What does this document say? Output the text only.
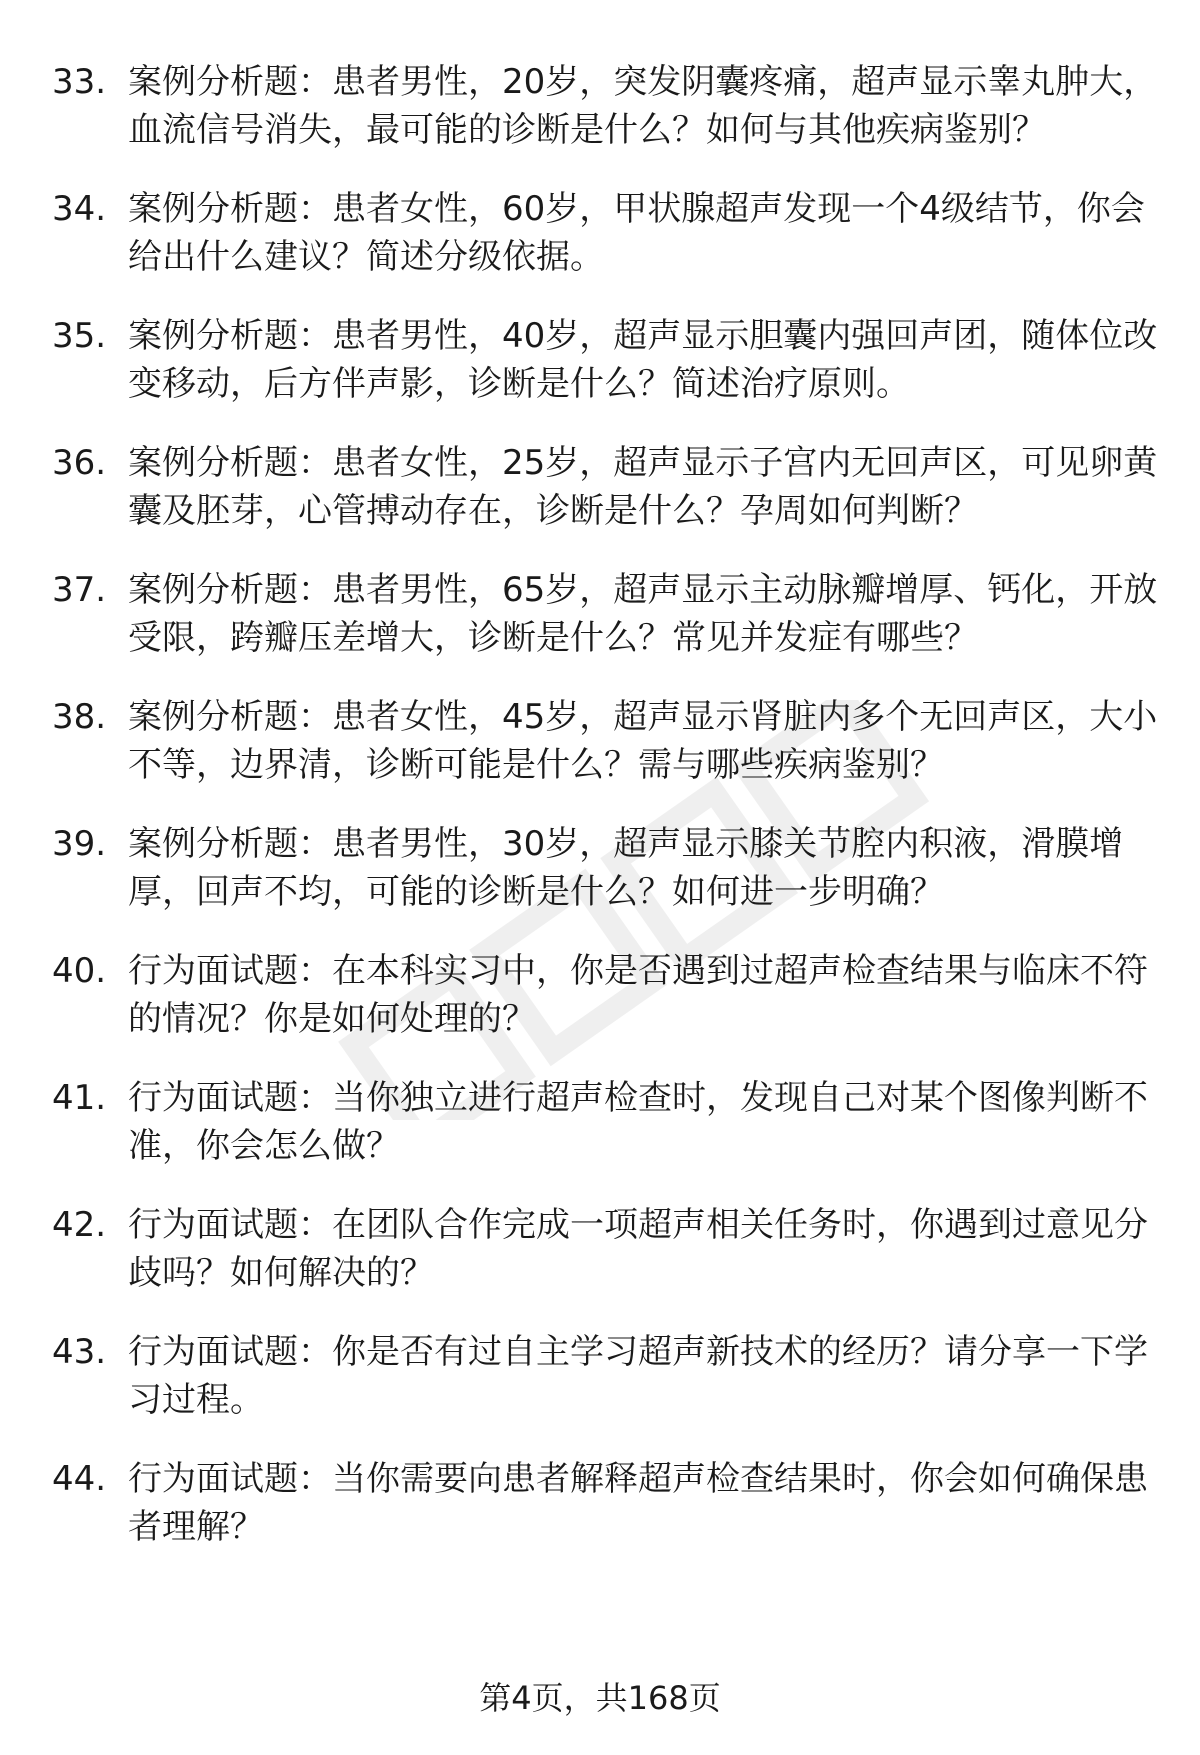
33. 案例分析题：患者男性，20岁，突发阴囊疼痛，超声显示睾丸肿大，血流信号消失，最可能的诊断是什么？如何与其他疾病鉴别？
34. 案例分析题：患者女性，60岁，甲状腺超声发现一个4级结节，你会给出什么建议？简述分级依据。
35. 案例分析题：患者男性，40岁，超声显示胆囊内强回声团，随体位改变移动，后方伴声影，诊断是什么？简述治疗原则。
36. 案例分析题：患者女性，25岁，超声显示子宫内无回声区，可见卵黄囊及胚芽，心管搏动存在，诊断是什么？孕周如何判断？
37. 案例分析题：患者男性，65岁，超声显示主动脉瓣增厚、钙化，开放受限，跨瓣压差增大，诊断是什么？常见并发症有哪些？
38. 案例分析题：患者女性，45岁，超声显示肾脏内多个无回声区，大小不等，边界清，诊断可能是什么？需与哪些疾病鉴别？
39. 案例分析题：患者男性，30岁，超声显示膝关节腔内积液，滑膜增厚，回声不均，可能的诊断是什么？如何进一步明确？
40. 行为面试题：在本科实习中，你是否遇到过超声检查结果与临床不符的情况？你是如何处理的？
41. 行为面试题：当你独立进行超声检查时，发现自己对某个图像判断不准，你会怎么做？
42. 行为面试题：在团队合作完成一项超声相关任务时，你遇到过意见分歧吗？如何解决的？
43. 行为面试题：你是否有过自主学习超声新技术的经历？请分享一下学习过程。
44. 行为面试题：当你需要向患者解释超声检查结果时，你会如何确保患者理解？
第4页，共168页
